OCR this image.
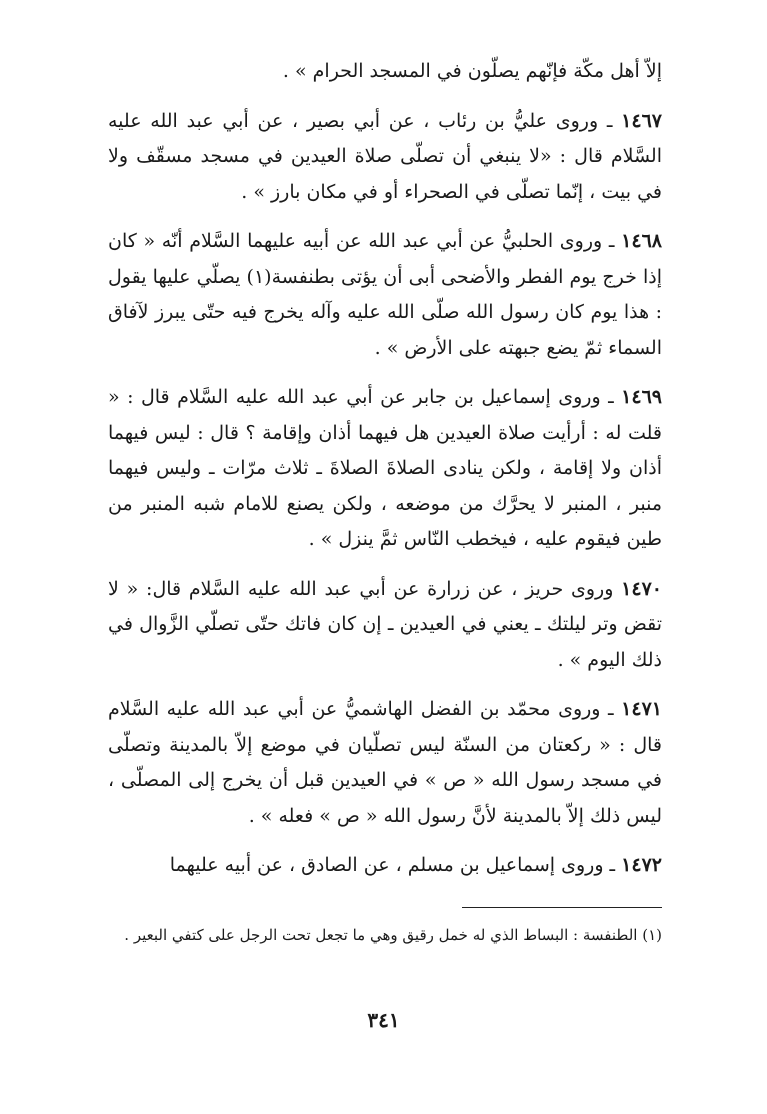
إلاّ أهل مكّة فإنّهم يصلّون في المسجد الحرام » .

١٤٦٧ ـ وروى عليُّ بن رئاب ، عن أبي بصير ، عن أبي عبد الله عليه السَّلام قال : «لا ينبغي أن تصلّى صلاة العيدين في مسجد مسقّف ولا في بيت ، إنّما تصلّى في الصحراء أو في مكان بارز » .

١٤٦٨ ـ وروى الحلبيُّ عن أبي عبد الله عن أبيه عليهما السَّلام أنّه « كان إذا خرج يوم الفطر والأضحى أبى أن يؤتى بطنفسة(١) يصلّي عليها يقول : هذا يوم كان رسول الله صلّى الله عليه وآله يخرج فيه حتّى يبرز لآفاق السماء ثمّ يضع جبهته على الأرض » .

١٤٦٩ ـ وروى إسماعيل بن جابر عن أبي عبد الله عليه السَّلام قال : « قلت له : أرأيت صلاة العيدين هل فيهما أذان وإقامة ؟ قال : ليس فيهما أذان ولا إقامة ، ولكن ينادى الصلاةَ الصلاةَ ـ ثلاث مرّات ـ وليس فيهما منبر ، المنبر لا يحرَّك من موضعه ، ولكن يصنع للامام شبه المنبر من طين فيقوم عليه ، فيخطب النّاس ثمَّ ينزل » .

١٤٧٠ وروى حريز ، عن زرارة عن أبي عبد الله عليه السَّلام قال: « لا تقض وتر ليلتك ـ يعني في العيدين ـ إن كان فاتك حتّى تصلّي الزَّوال في ذلك اليوم » .

١٤٧١ ـ وروى محمّد بن الفضل الهاشميُّ عن أبي عبد الله عليه السَّلام قال : « ركعتان من السنّة ليس تصلّيان في موضع إلاّ بالمدينة وتصلّى في مسجد رسول الله « ص » في العيدين قبل أن يخرج إلى المصلّى ، ليس ذلك إلاّ بالمدينة لأنَّ رسول الله « ص » فعله » .

١٤٧٢ ـ وروى إسماعيل بن مسلم ، عن الصادق ، عن أبيه عليهما

(١) الطنفسة : البساط الذي له خمل رقيق وهي ما تجعل تحت الرجل على كتفي البعير .
٣٤١
